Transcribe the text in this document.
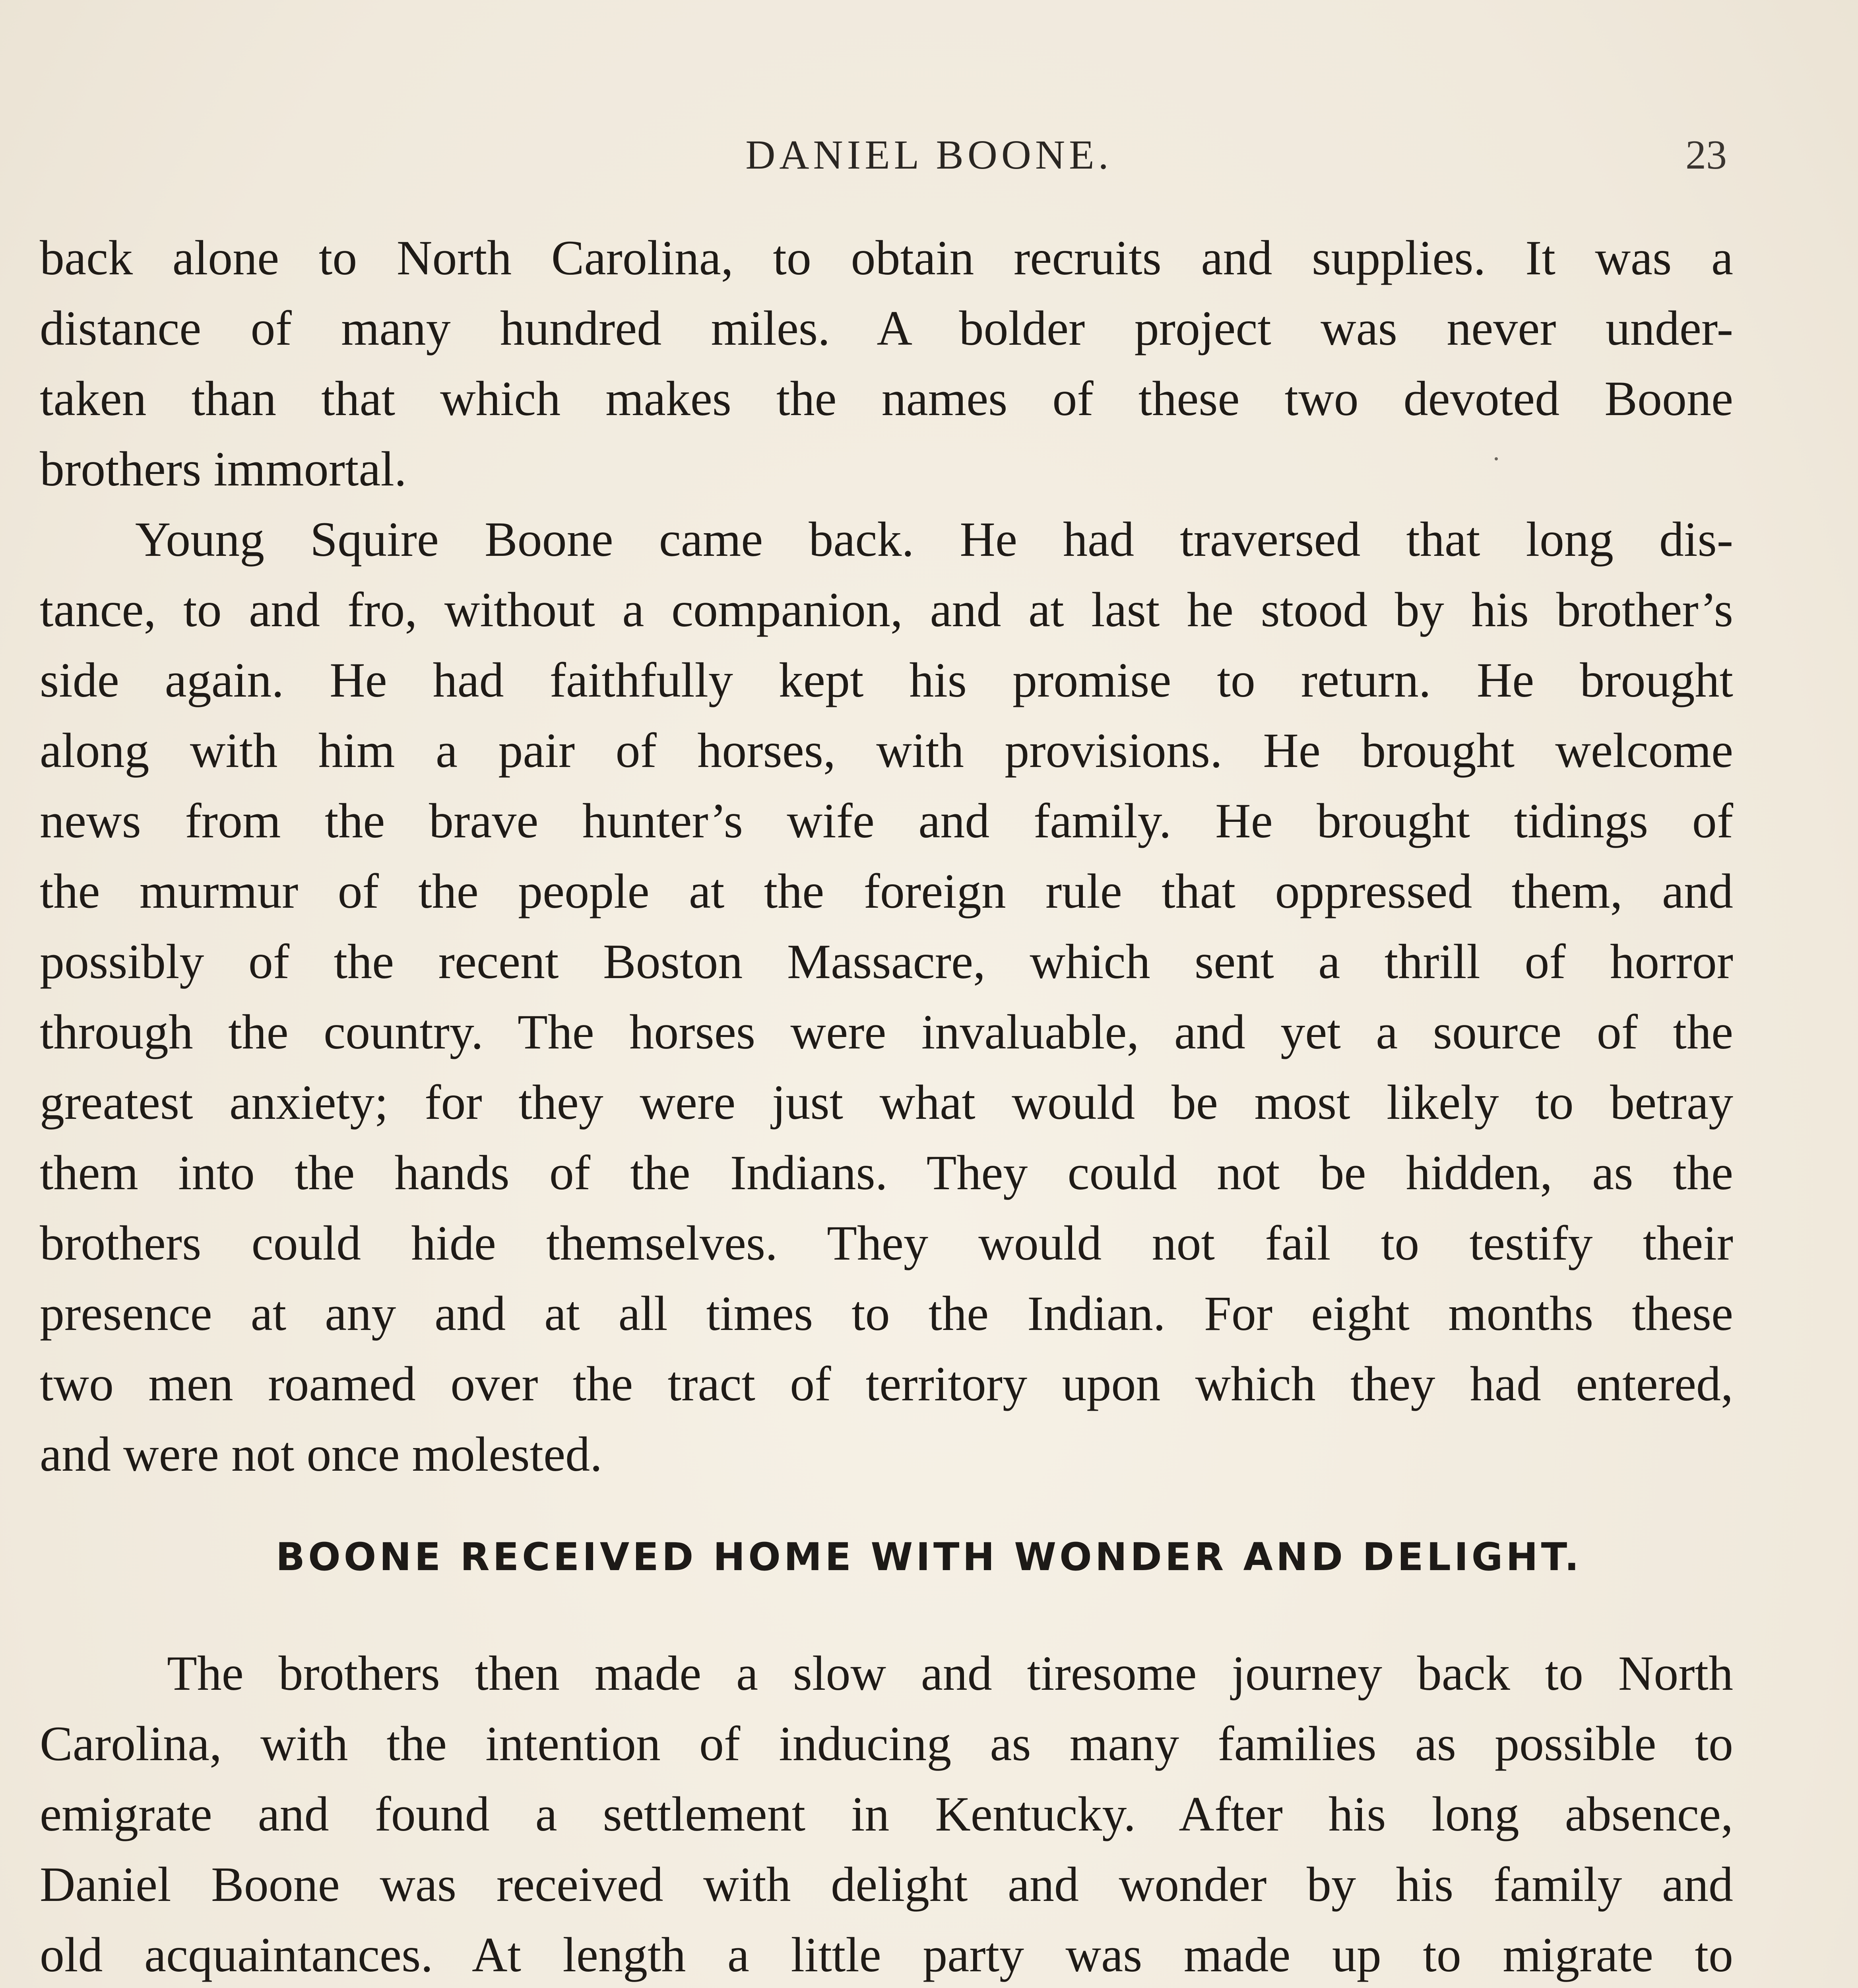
DANIEL BOONE.	23
back alone to North Carolina, to obtain recruits and supplies. It was a
distance of many hundred miles. A bolder project was never under-
taken than that which makes the names of these two devoted Boone
brothers immortal.
Young Squire Boone came back. He had traversed that long dis-
tance, to and fro, without a companion, and at last he stood by his brother’s
side again. He had faithfully kept his promise to return. He brought
along with him a pair of horses, with provisions. He brought welcome
news from the brave hunter’s wife and family. He brought tidings of
the murmur of the people at the foreign rule that oppressed them, and
possibly of the recent Boston Massacre, which sent a thrill of horror
through the country. The horses were invaluable, and yet a source of the
greatest anxiety; for they were just what would be most likely to betray
them into the hands of the Indians. They could not be hidden, as the
brothers could hide themselves. They would not fail to testify their
presence at any and at all times to the Indian. For eight months these
two men roamed over the tract of territory upon which they had entered,
and were not once molested.
BOONE RECEIVED HOME WITH WONDER AND DELIGHT.
The brothers then made a slow and tiresome journey back to North
Carolina, with the intention of inducing as many families as possible to
emigrate and found a settlement in Kentucky. After his long absence,
Daniel Boone was received with delight and wonder by his family and
old acquaintances. At length a little party was made up to migrate to
